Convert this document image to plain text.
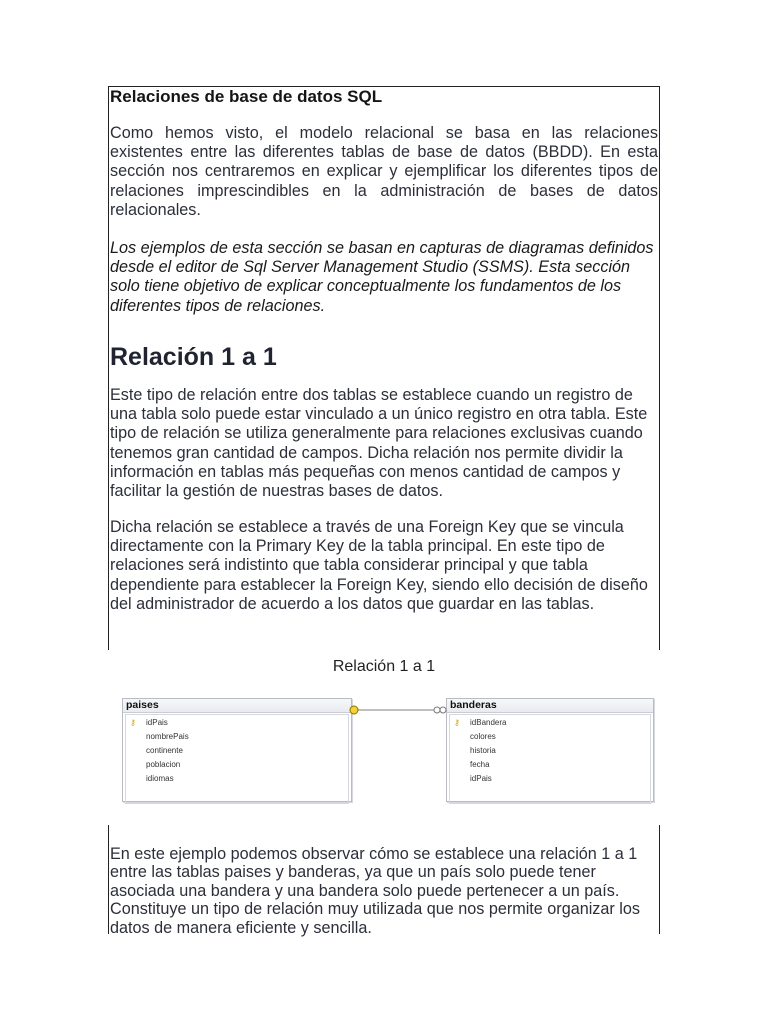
Relaciones de base de datos SQL

Como hemos visto, el modelo relacional se basa en las relaciones existentes entre las diferentes tablas de base de datos (BBDD). En esta sección nos centraremos en explicar y ejemplificar los diferentes tipos de relaciones imprescindibles en la administración de bases de datos relacionales.

Los ejemplos de esta sección se basan en capturas de diagramas definidos desde el editor de Sql Server Management Studio (SSMS). Esta sección solo tiene objetivo de explicar conceptualmente los fundamentos de los diferentes tipos de relaciones.

Relación 1 a 1

Este tipo de relación entre dos tablas se establece cuando un registro de una tabla solo puede estar vinculado a un único registro en otra tabla. Este tipo de relación se utiliza generalmente para relaciones exclusivas cuando tenemos gran cantidad de campos. Dicha relación nos permite dividir la información en tablas más pequeñas con menos cantidad de campos y facilitar la gestión de nuestras bases de datos.

Dicha relación se establece a través de una Foreign Key que se vincula directamente con la Primary Key de la tabla principal. En este tipo de relaciones será indistinto que tabla considerar principal y que tabla dependiente para establecer la Foreign Key, siendo ello decisión de diseño del administrador de acuerdo a los datos que guardar en las tablas.

Relación 1 a 1
paises
⚷ idPais
nombrePais
continente
poblacion
idiomas
banderas
⚷ idBandera
colores
historia
fecha
idPais

En este ejemplo podemos observar cómo se establece una relación 1 a 1 entre las tablas paises y banderas, ya que un país solo puede tener asociada una bandera y una bandera solo puede pertenecer a un país. Constituye un tipo de relación muy utilizada que nos permite organizar los datos de manera eficiente y sencilla.
